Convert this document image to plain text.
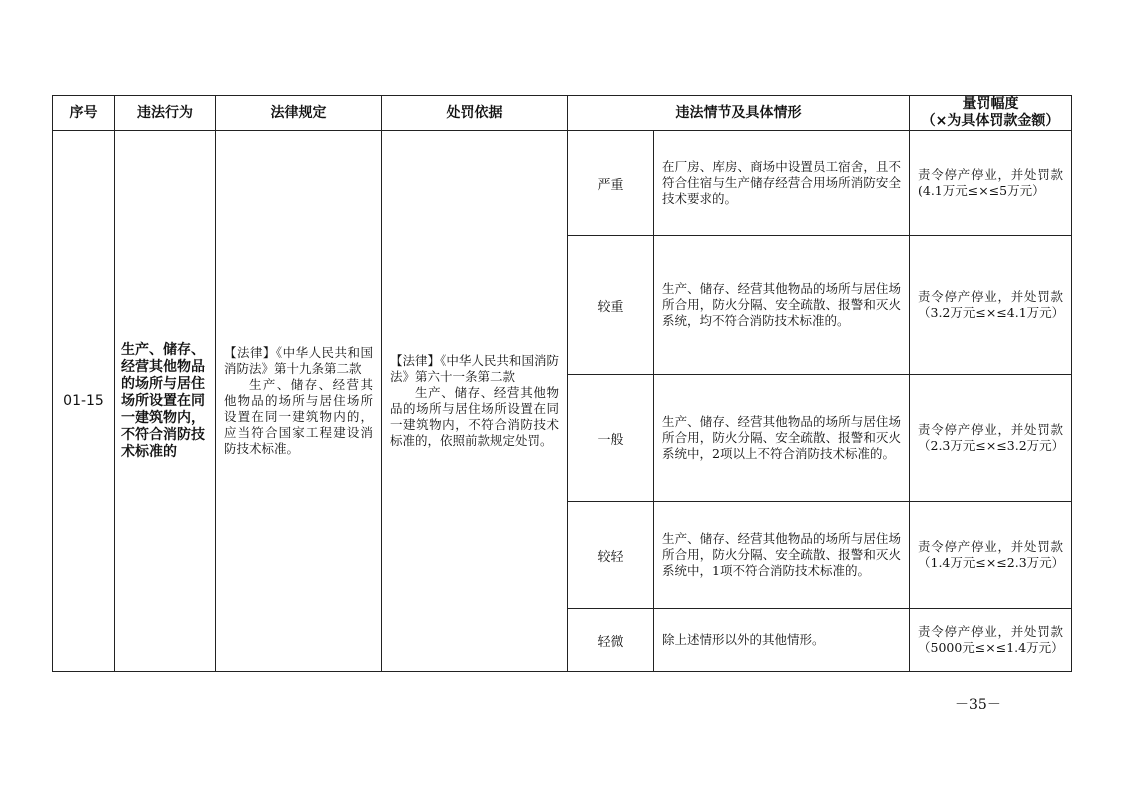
序号	违法行为	法律规定	处罚依据	违法情节及具体情形		量罚幅度
（×为具体罚款金额）

01-15	生产、储存、经营其他物品的场所与居住场所设置在同一建筑物内，不符合消防技术标准的	【法律】《中华人民共和国消防法》第十九条第二款
生产、储存、经营其他物品的场所与居住场所设置在同一建筑物内的，应当符合国家工程建设消防技术标准。	【法律】《中华人民共和国消防法》第六十一条第二款
生产、储存、经营其他物品的场所与居住场所设置在同一建筑物内，不符合消防技术标准的，依照前款规定处罚。	严重	在厂房、库房、商场中设置员工宿舍，且不符合住宿与生产储存经营合用场所消防安全技术要求的。	责令停产停业，并处罚款(4.1万元≤×≤5万元）
				较重	生产、储存、经营其他物品的场所与居住场所合用，防火分隔、安全疏散、报警和灭火系统，均不符合消防技术标准的。	责令停产停业，并处罚款（3.2万元≤×≤4.1万元）
				一般	生产、储存、经营其他物品的场所与居住场所合用，防火分隔、安全疏散、报警和灭火系统中，2项以上不符合消防技术标准的。	责令停产停业，并处罚款（2.3万元≤×≤3.2万元）
				较轻	生产、储存、经营其他物品的场所与居住场所合用，防火分隔、安全疏散、报警和灭火系统中，1项不符合消防技术标准的。	责令停产停业，并处罚款（1.4万元≤×≤2.3万元）
				轻微	除上述情形以外的其他情形。	责令停产停业，并处罚款（5000元≤×≤1.4万元）
－35－
